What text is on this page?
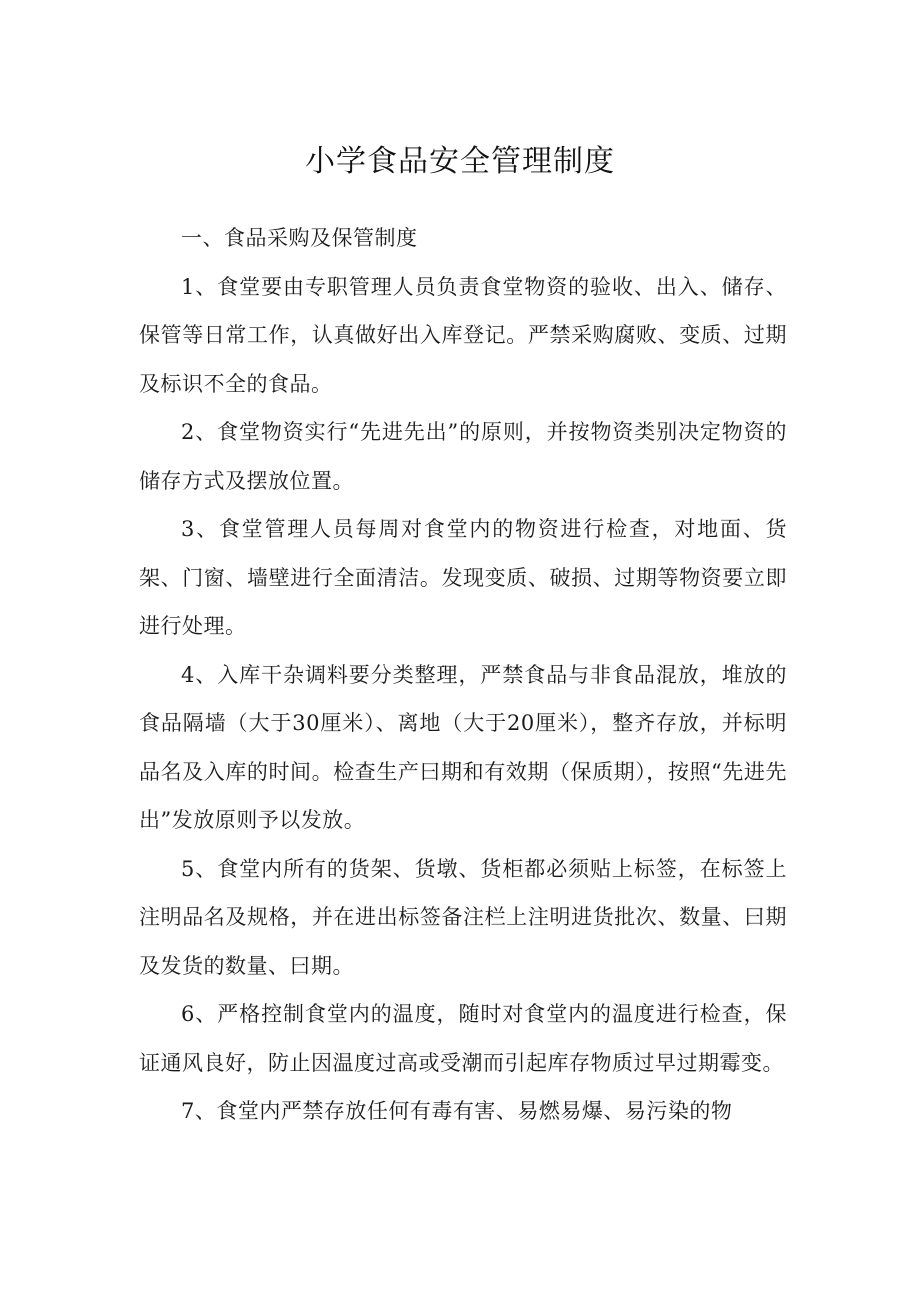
小学食品安全管理制度

一、食品采购及保管制度

1、食堂要由专职管理人员负责食堂物资的验收、出入、储存、保管等日常工作，认真做好出入库登记。严禁采购腐败、变质、过期及标识不全的食品。

2、食堂物资实行“先进先出”的原则，并按物资类别决定物资的储存方式及摆放位置。

3、食堂管理人员每周对食堂内的物资进行检查，对地面、货架、门窗、墙壁进行全面清洁。发现变质、破损、过期等物资要立即进行处理。

4、入库干杂调料要分类整理，严禁食品与非食品混放，堆放的食品隔墙（大于30厘米）、离地（大于20厘米），整齐存放，并标明品名及入库的时间。检查生产曰期和有效期（保质期），按照“先进先出”发放原则予以发放。

5、食堂内所有的货架、货墩、货柜都必须贴上标签，在标签上注明品名及规格，并在进出标签备注栏上注明进货批次、数量、曰期及发货的数量、曰期。

6、严格控制食堂内的温度，随时对食堂内的温度进行检查，保证通风良好，防止因温度过高或受潮而引起库存物质过早过期霉变。

7、食堂内严禁存放任何有毒有害、易燃易爆、易污染的物
